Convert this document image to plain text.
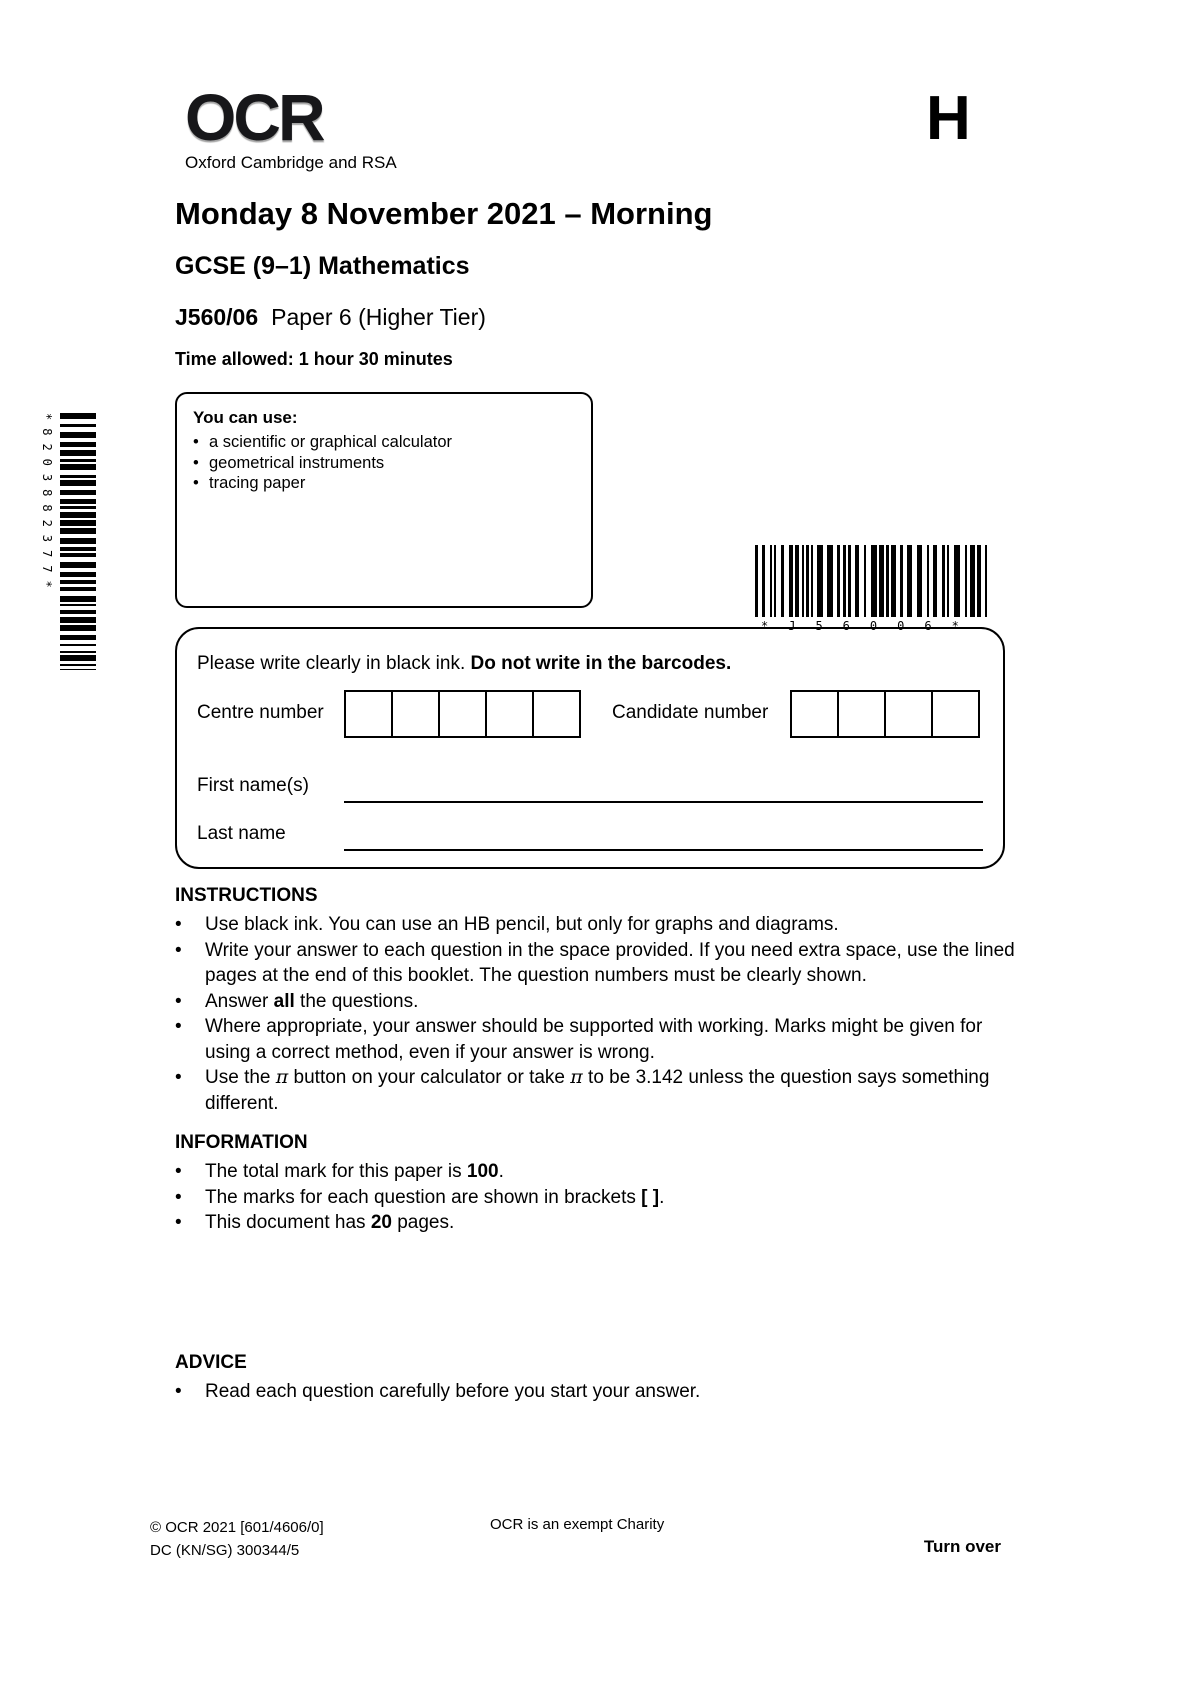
OCR
Oxford Cambridge and RSA
H
Monday 8 November 2021 – Morning
GCSE (9–1) Mathematics
J560/06 Paper 6 (Higher Tier)
Time allowed: 1 hour 30 minutes
You can use:
• a scientific or graphical calculator
• geometrical instruments
• tracing paper
*8203882377*
*J56006*
Please write clearly in black ink. Do not write in the barcodes.
Centre number	Candidate number
First name(s)
Last name
INSTRUCTIONS
•	Use black ink. You can use an HB pencil, but only for graphs and diagrams.
•	Write your answer to each question in the space provided. If you need extra space, use the lined pages at the end of this booklet. The question numbers must be clearly shown.
•	Answer all the questions.
•	Where appropriate, your answer should be supported with working. Marks might be given for using a correct method, even if your answer is wrong.
•	Use the π button on your calculator or take π to be 3.142 unless the question says something different.
INFORMATION
•	The total mark for this paper is 100.
•	The marks for each question are shown in brackets [ ].
•	This document has 20 pages.
ADVICE
•	Read each question carefully before you start your answer.
© OCR 2021 [601/4606/0]
DC (KN/SG) 300344/5
OCR is an exempt Charity
Turn over
